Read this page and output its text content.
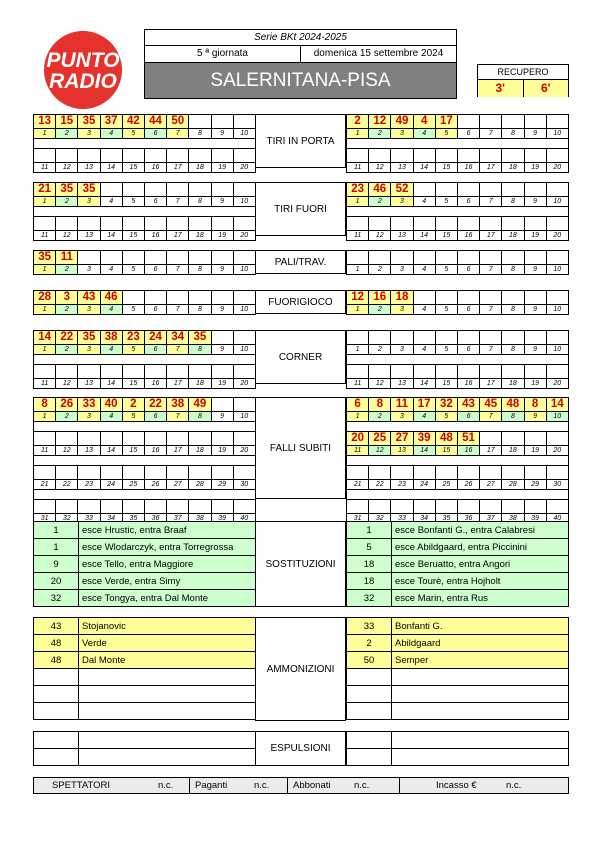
PUNTO
RADIO
Serie BKt 2024-2025
5 ª giornata	domenica 15 settembre 2024
SALERNITANA-PISA	RECUPERO
3'	6'
13	15	35	37	42	44	50			
1	2	3	4	5	6	7	8	9	10

11	12	13	14	15	16	17	18	19	20
2	12	49	4	17					
1	2	3	4	5	6	7	8	9	10

11	12	13	14	15	16	17	18	19	20
TIRI IN PORTA
21	35	35							
1	2	3	4	5	6	7	8	9	10

11	12	13	14	15	16	17	18	19	20
23	46	52							
1	2	3	4	5	6	7	8	9	10

11	12	13	14	15	16	17	18	19	20
TIRI FUORI
35	11								
1	2	3	4	5	6	7	8	9	10
										1	2	3	4	5	6	7	8	9	10
PALI/TRAV.
28	3	43	46						
1	2	3	4	5	6	7	8	9	10
12	16	18							
1	2	3	4	5	6	7	8	9	10
FUORIGIOCO
14	22	35	38	23	24	34	35		
1	2	3	4	5	6	7	8	9	10

11	12	13	14	15	16	17	18	19	20

1	2	3	4	5	6	7	8	9	10

11	12	13	14	15	16	17	18	19	20
CORNER
8	26	33	40	2	22	38	49		
1	2	3	4	5	6	7	8	9	10

11	12	13	14	15	16	17	18	19	20

21	22	23	24	25	26	27	28	29	30

31	32	33	34	35	36	37	38	39	40
6	8	11	17	32	43	45	48	8	14
1	2	3	4	5	6	7	8	9	10

20	25	27	39	48	51				
11	12	13	14	15	16	17	18	19	20

21	22	23	24	25	26	27	28	29	30

31	32	33	34	35	36	37	38	39	40
FALLI SUBITI
1	esce Hrustic, entra Braaf
1	esce Wlodarczyk, entra Torregrossa
9	esce Tello, entra Maggiore
20	esce Verde, entra Simy
32	esce Tongya, entra Dal Monte
1	esce Bonfanti G., entra Calabresi
5	esce Abildgaard, entra Piccinini
18	esce Beruatto, entra Angori
18	esce Tourè, entra Hojholt
32	esce Marin, entra Rus
43	Stojanovic
48	Verde
48	Dal Monte

33	Bonfanti G.
2	Abildgaard
50	Semper

SOSTITUZIONI
AMMONIZIONI
ESPULSIONI
SPETTATORI	n.c.	Paganti	n.c.	Abbonati	n.c.	Incasso €	n.c.
